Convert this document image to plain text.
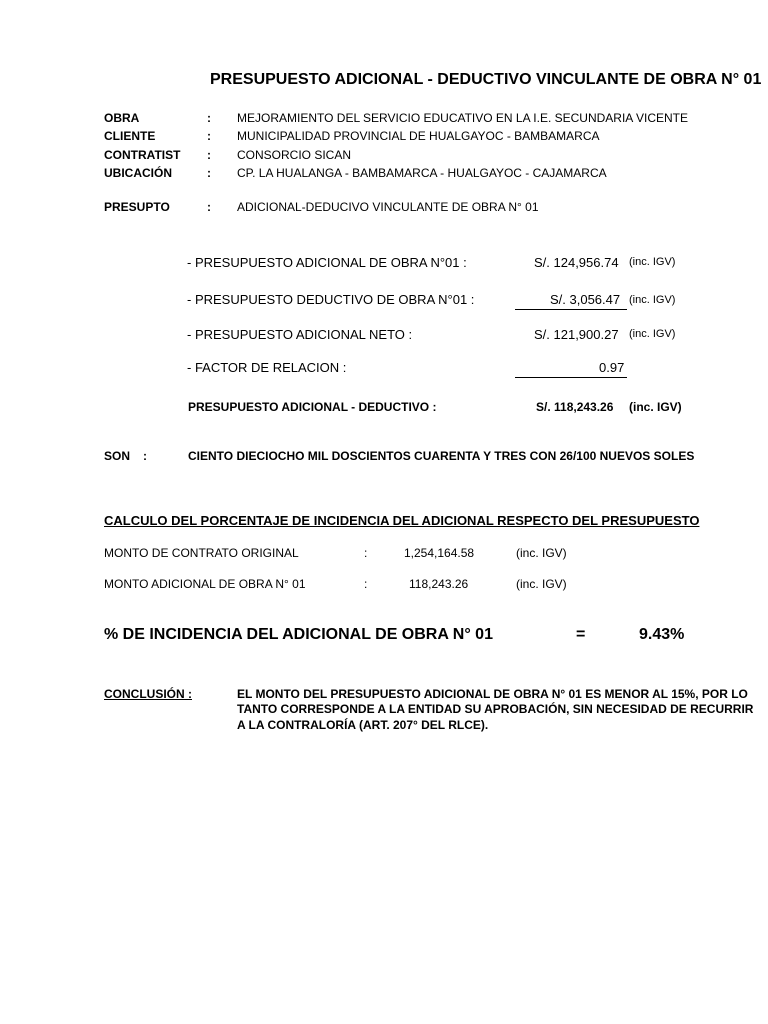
PRESUPUESTO ADICIONAL - DEDUCTIVO VINCULANTE DE OBRA N° 01
OBRA	: MEJORAMIENTO DEL SERVICIO EDUCATIVO EN LA I.E. SECUNDARIA VICENTE
CLIENTE	: MUNICIPALIDAD PROVINCIAL DE HUALGAYOC - BAMBAMARCA
CONTRATIST : CONSORCIO SICAN
UBICACIÓN	: CP. LA HUALANGA - BAMBAMARCA - HUALGAYOC - CAJAMARCA
PRESUPTO	: ADICIONAL-DEDUCIVO VINCULANTE DE OBRA N° 01
- PRESUPUESTO ADICIONAL DE OBRA N°01 :	S/. 124,956.74 (inc. IGV)
- PRESUPUESTO DEDUCTIVO DE OBRA N°01 :	S/. 3,056.47 (inc. IGV)
- PRESUPUESTO ADICIONAL NETO :	S/. 121,900.27 (inc. IGV)
- FACTOR DE RELACION :	0.97
PRESUPUESTO ADICIONAL - DEDUCTIVO :	S/. 118,243.26 (inc. IGV)
SON :	CIENTO DIECIOCHO MIL DOSCIENTOS CUARENTA Y TRES CON 26/100 NUEVOS SOLES
CALCULO DEL PORCENTAJE DE INCIDENCIA DEL ADICIONAL RESPECTO DEL PRESUPUESTO
MONTO DE CONTRATO ORIGINAL	:	1,254,164.58	(inc. IGV)
MONTO ADICIONAL DE OBRA N° 01	:	118,243.26	(inc. IGV)
% DE INCIDENCIA DEL ADICIONAL DE OBRA N° 01	=	9.43%
CONCLUSIÓN :	EL MONTO DEL PRESUPUESTO ADICIONAL DE OBRA N° 01 ES MENOR AL 15%, POR LO
TANTO CORRESPONDE A LA ENTIDAD SU APROBACIÓN, SIN NECESIDAD DE RECURRIR
A LA CONTRALORÍA (ART. 207° DEL RLCE).
